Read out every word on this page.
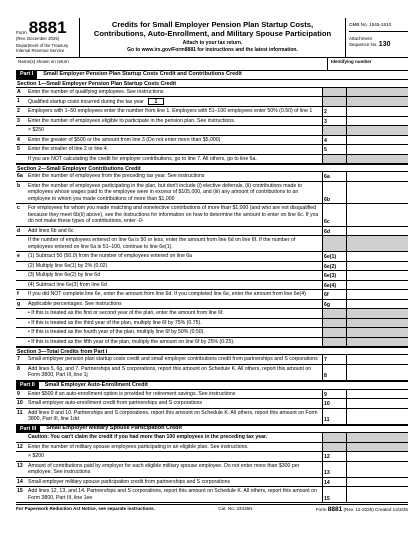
Form 8881
(Rev. December 2025)
Department of the Treasury
Internal Revenue Service
Credits for Small Employer Pension Plan Startup Costs,
Contributions, Auto-Enrollment, and Military Spouse Participation
Attach to your tax return.
Go to www.irs.gov/Form8881 for instructions and the latest information.
OMB No. 1545-1810
Attachment
Sequence No. 130
Name(s) shown on return	Identifying number
Part I	Small Employer Pension Plan Startup Costs Credit and Contributions Credit
Section 1—Small Employer Pension Plan Startup Costs Credit
A	Enter the number of qualifying employees. See instructions
1	Qualified startup costs incurred during the tax year 1
2	Employers with 1–50 employees enter the number from line 1. Employers with 51–100 employees enter 50% (0.50) of line 1	2
3	Enter the number of employees eligible to participate in the pension plan. See instructions.	3
× $250
4	Enter the greater of $500 or the amount from line 3 (Do not enter more than $5,000)	4
5	Enter the smaller of line 2 or line 4.	5
If you are NOT calculating the credit for employer contributions, go to line 7. All others, go to line 6a.
Section 2—Small Employer Contributions Credit
6a	Enter the number of employees from the preceding tax year. See instructions	6a
b	Enter the number of employees participating in the plan, but don't include (i) elective deferrals, (ii) contributions made to employees whose wages paid to the employee were in excess of $105,000, and (iii) any amount of contributions to an employee to whom you made contributions of more than $1,000	6b
c	For employees for whom you made matching and nonelective contributions of more than $1,000 (and who are not disqualified because they meet 6b(ii) above), see the instructions for information on how to determine the amount to enter on line 6c. If you do not make these types of contributions, enter -0-	6c
d	Add lines 6b and 6c	6d
If the number of employees entered on line 6a is 50 or less, enter the amount from line 6d on line 6f. If the number of employees entered on line 6a is 51–100, continue to line 6e(1).
e	(1) Subtract 50 (50.0) from the number of employees entered on line 6a	6e(1)
(2) Multiply line 6e(1) by 2% (0.02)	6e(2)
(3) Multiply line 6e(2) by line 6d	6e(3)
(4) Subtract line 6e(3) from line 6d	6e(4)
f	If you did NOT complete line 6e, enter the amount from line 6d. If you completed line 6e, enter the amount from line 6e(4)	6f
g	Applicable percentages. See instructions	6g
• If this is treated as the first or second year of the plan, enter the amount from line 6f.
• If this is treated as the third year of the plan, multiply line 6f by 75% (0.75).
• If this is treated as the fourth year of the plan, multiply line 6f by 50% (0.50).
• If this is treated as the fifth year of the plan, multiply the amount on line 6f by 25% (0.25).
Section 3—Total Credits from Part I
7	Small employer pension plan startup costs credit and small employer contributions credit from partnerships and S corporations	7
8	Add lines 5, 6g, and 7. Partnerships and S corporations, report this amount on Schedule K. All others, report this amount on Form 3800, Part III, line 1j	8
Part II	Small Employer Auto-Enrollment Credit
9	Enter $500 if an auto-enrollment option is provided for retirement savings. See instructions	9
10	Small employer auto-enrollment credit from partnerships and S corporations	10
11	Add lines 9 and 10. Partnerships and S corporations, report this amount on Schedule K. All others, report this amount on Form 3800, Part III, line 1dd	11
Part III	Small Employer Military Spouse Participation Credit
Caution: You can't claim the credit if you had more than 100 employees in the preceding tax year.
12	Enter the number of military spouse employees participating in an eligible plan. See instructions.
× $200	12
13	Amount of contributions paid by employer for each eligible military spouse employee. Do not enter more than $300 per employee. See instructions	13
14	Small employer military spouse participation credit from partnerships and S corporations	14
15	Add lines 12, 13, and 14. Partnerships and S corporations, report this amount on Schedule K. All others, report this amount on Form 3800, Part III, line 1ee	15
For Paperwork Reduction Act Notice, see separate instructions.	Cat. No. 33435N	Form 8881 (Rev. 12-2025) Created 12/3/25
